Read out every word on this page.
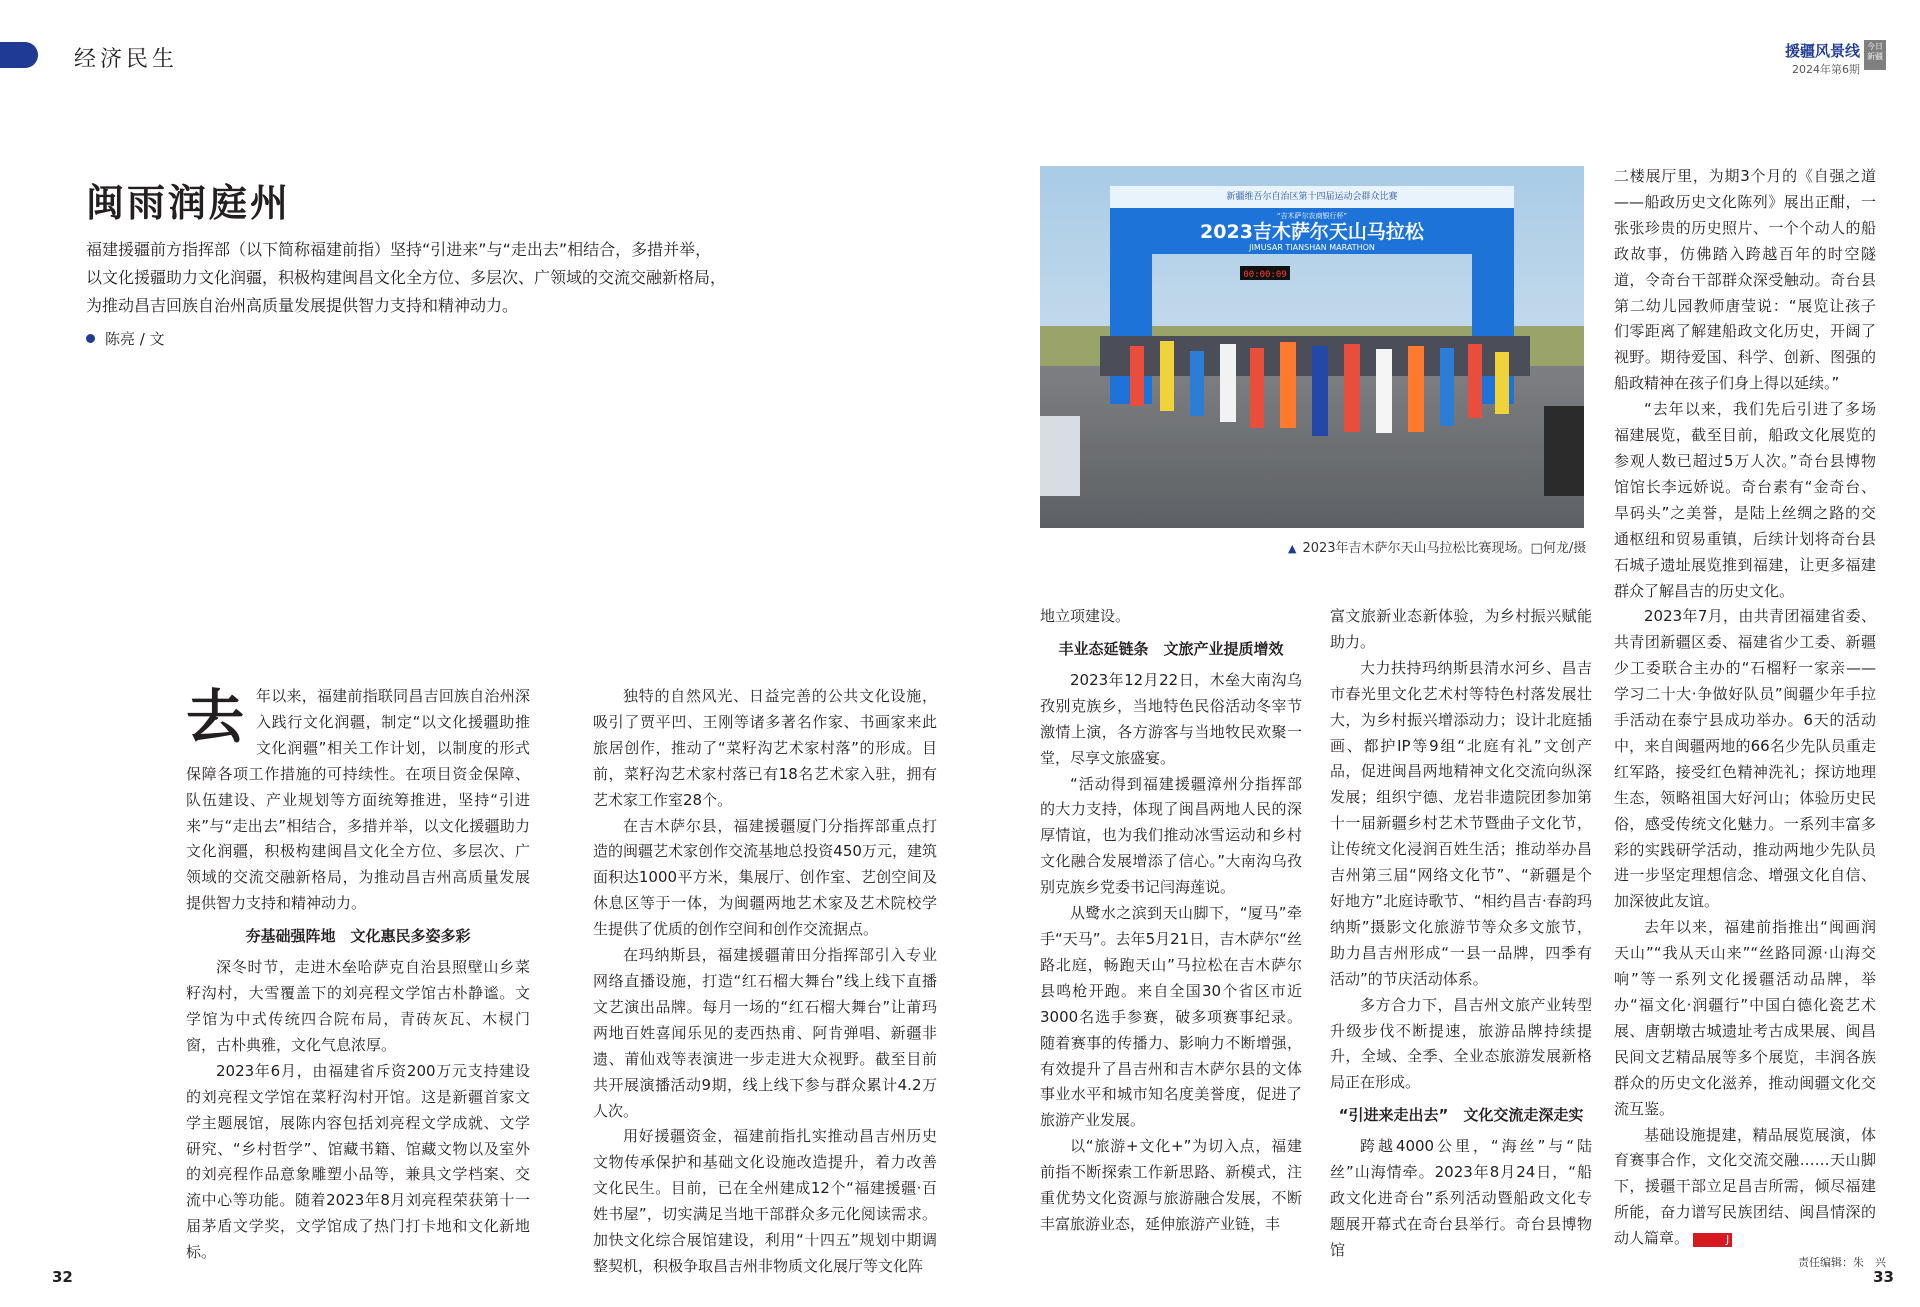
经济民生	援疆风景线
2024年第6期
今日新疆
闽雨润庭州
福建援疆前方指挥部（以下简称福建前指）坚持“引进来”与“走出去”相结合，多措并举，以文化援疆助力文化润疆，积极构建闽昌文化全方位、多层次、广领域的交流交融新格局，为推动昌吉回族自治州高质量发展提供智力支持和精神动力。
陈亮 / 文
新疆维吾尔自治区第十四届运动会群众比赛
“吉木萨尔农商银行杯”
2023吉木萨尔天山马拉松
JIMUSAR TIANSHAN MARATHON
00:00:09
▲ 2023年吉木萨尔天山马拉松比赛现场。□何龙/摄

去年以来，福建前指联同昌吉回族自治州深入践行文化润疆，制定“以文化援疆助推文化润疆”相关工作计划，以制度的形式保障各项工作措施的可持续性。在项目资金保障、队伍建设、产业规划等方面统筹推进，坚持“引进来”与“走出去”相结合，多措并举，以文化援疆助力文化润疆，积极构建闽昌文化全方位、多层次、广领域的交流交融新格局，为推动昌吉州高质量发展提供智力支持和精神动力。

夯基础强阵地　文化惠民多姿多彩

深冬时节，走进木垒哈萨克自治县照壁山乡菜籽沟村，大雪覆盖下的刘亮程文学馆古朴静谧。文学馆为中式传统四合院布局，青砖灰瓦、木棂门窗，古朴典雅，文化气息浓厚。

2023年6月，由福建省斥资200万元支持建设的刘亮程文学馆在菜籽沟村开馆。这是新疆首家文学主题展馆，展陈内容包括刘亮程文学成就、文学研究、“乡村哲学”、馆藏书籍、馆藏文物以及室外的刘亮程作品意象雕塑小品等，兼具文学档案、交流中心等功能。随着2023年8月刘亮程荣获第十一届茅盾文学奖，文学馆成了热门打卡地和文化新地标。

独特的自然风光、日益完善的公共文化设施，吸引了贾平凹、王刚等诸多著名作家、书画家来此旅居创作，推动了“菜籽沟艺术家村落”的形成。目前，菜籽沟艺术家村落已有18名艺术家入驻，拥有艺术家工作室28个。

在吉木萨尔县，福建援疆厦门分指挥部重点打造的闽疆艺术家创作交流基地总投资450万元，建筑面积达1000平方米，集展厅、创作室、艺创空间及休息区等于一体，为闽疆两地艺术家及艺术院校学生提供了优质的创作空间和创作交流据点。

在玛纳斯县，福建援疆莆田分指挥部引入专业网络直播设施，打造“红石榴大舞台”线上线下直播文艺演出品牌。每月一场的“红石榴大舞台”让莆玛两地百姓喜闻乐见的麦西热甫、阿肯弹唱、新疆非遗、莆仙戏等表演进一步走进大众视野。截至目前共开展演播活动9期，线上线下参与群众累计4.2万人次。

用好援疆资金，福建前指扎实推动昌吉州历史文物传承保护和基础文化设施改造提升，着力改善文化民生。目前，已在全州建成12个“福建援疆·百姓书屋”，切实满足当地干部群众多元化阅读需求。加快文化综合展馆建设，利用“十四五”规划中期调整契机，积极争取昌吉州非物质文化展厅等文化阵

地立项建设。

丰业态延链条　文旅产业提质增效

2023年12月22日，木垒大南沟乌孜别克族乡，当地特色民俗活动冬宰节激情上演，各方游客与当地牧民欢聚一堂，尽享文旅盛宴。

“活动得到福建援疆漳州分指挥部的大力支持，体现了闽昌两地人民的深厚情谊，也为我们推动冰雪运动和乡村文化融合发展增添了信心。”大南沟乌孜别克族乡党委书记闫海莲说。

从鹭水之滨到天山脚下，“厦马”牵手“天马”。去年5月21日，吉木萨尔“丝路北庭，畅跑天山”马拉松在吉木萨尔县鸣枪开跑。来自全国30个省区市近3000名选手参赛，破多项赛事纪录。随着赛事的传播力、影响力不断增强，有效提升了昌吉州和吉木萨尔县的文体事业水平和城市知名度美誉度，促进了旅游产业发展。

以“旅游+文化+”为切入点，福建前指不断探索工作新思路、新模式，注重优势文化资源与旅游融合发展，不断丰富旅游业态，延伸旅游产业链，丰

富文旅新业态新体验，为乡村振兴赋能助力。

大力扶持玛纳斯县清水河乡、昌吉市春光里文化艺术村等特色村落发展壮大，为乡村振兴增添动力；设计北庭插画、都护IP等9组“北庭有礼”文创产品，促进闽昌两地精神文化交流向纵深发展；组织宁德、龙岩非遗院团参加第十一届新疆乡村艺术节暨曲子文化节，让传统文化浸润百姓生活；推动举办昌吉州第三届“网络文化节”、“新疆是个好地方”北庭诗歌节、“相约昌吉·春韵玛纳斯”摄影文化旅游节等众多文旅节，助力昌吉州形成“一县一品牌，四季有活动”的节庆活动体系。

多方合力下，昌吉州文旅产业转型升级步伐不断提速，旅游品牌持续提升，全域、全季、全业态旅游发展新格局正在形成。

“引进来走出去”　文化交流走深走实

跨越4000公里，“海丝”与“陆丝”山海情牵。2023年8月24日，“船政文化进奇台”系列活动暨船政文化专题展开幕式在奇台县举行。奇台县博物馆

二楼展厅里，为期3个月的《自强之道——船政历史文化陈列》展出正酣，一张张珍贵的历史照片、一个个动人的船政故事，仿佛踏入跨越百年的时空隧道，令奇台干部群众深受触动。奇台县第二幼儿园教师唐莹说：“展览让孩子们零距离了解建船政文化历史，开阔了视野。期待爱国、科学、创新、图强的船政精神在孩子们身上得以延续。”

“去年以来，我们先后引进了多场福建展览，截至目前，船政文化展览的参观人数已超过5万人次。”奇台县博物馆馆长李远娇说。奇台素有“金奇台、旱码头”之美誉，是陆上丝绸之路的交通枢纽和贸易重镇，后续计划将奇台县石城子遗址展览推到福建，让更多福建群众了解昌吉的历史文化。

2023年7月，由共青团福建省委、共青团新疆区委、福建省少工委、新疆少工委联合主办的“石榴籽一家亲——学习二十大·争做好队员”闽疆少年手拉手活动在泰宁县成功举办。6天的活动中，来自闽疆两地的66名少先队员重走红军路，接受红色精神洗礼；探访地理生态，领略祖国大好河山；体验历史民俗，感受传统文化魅力。一系列丰富多彩的实践研学活动，推动两地少先队员进一步坚定理想信念、增强文化自信、加深彼此友谊。

去年以来，福建前指推出“闽画润天山”“我从天山来”“丝路同源·山海交响”等一系列文化援疆活动品牌，举办“福文化·润疆行”中国白德化瓷艺术展、唐朝墩古城遗址考古成果展、闽昌民间文艺精品展等多个展览，丰润各族群众的历史文化滋养，推动闽疆文化交流互鉴。

基础设施提建，精品展览展演，体育赛事合作，文化交流交融……天山脚下，援疆干部立足昌吉所需，倾尽福建所能，奋力谱写民族团结、闽昌情深的动人篇章。	J

32	33
责任编辑：朱　兴
